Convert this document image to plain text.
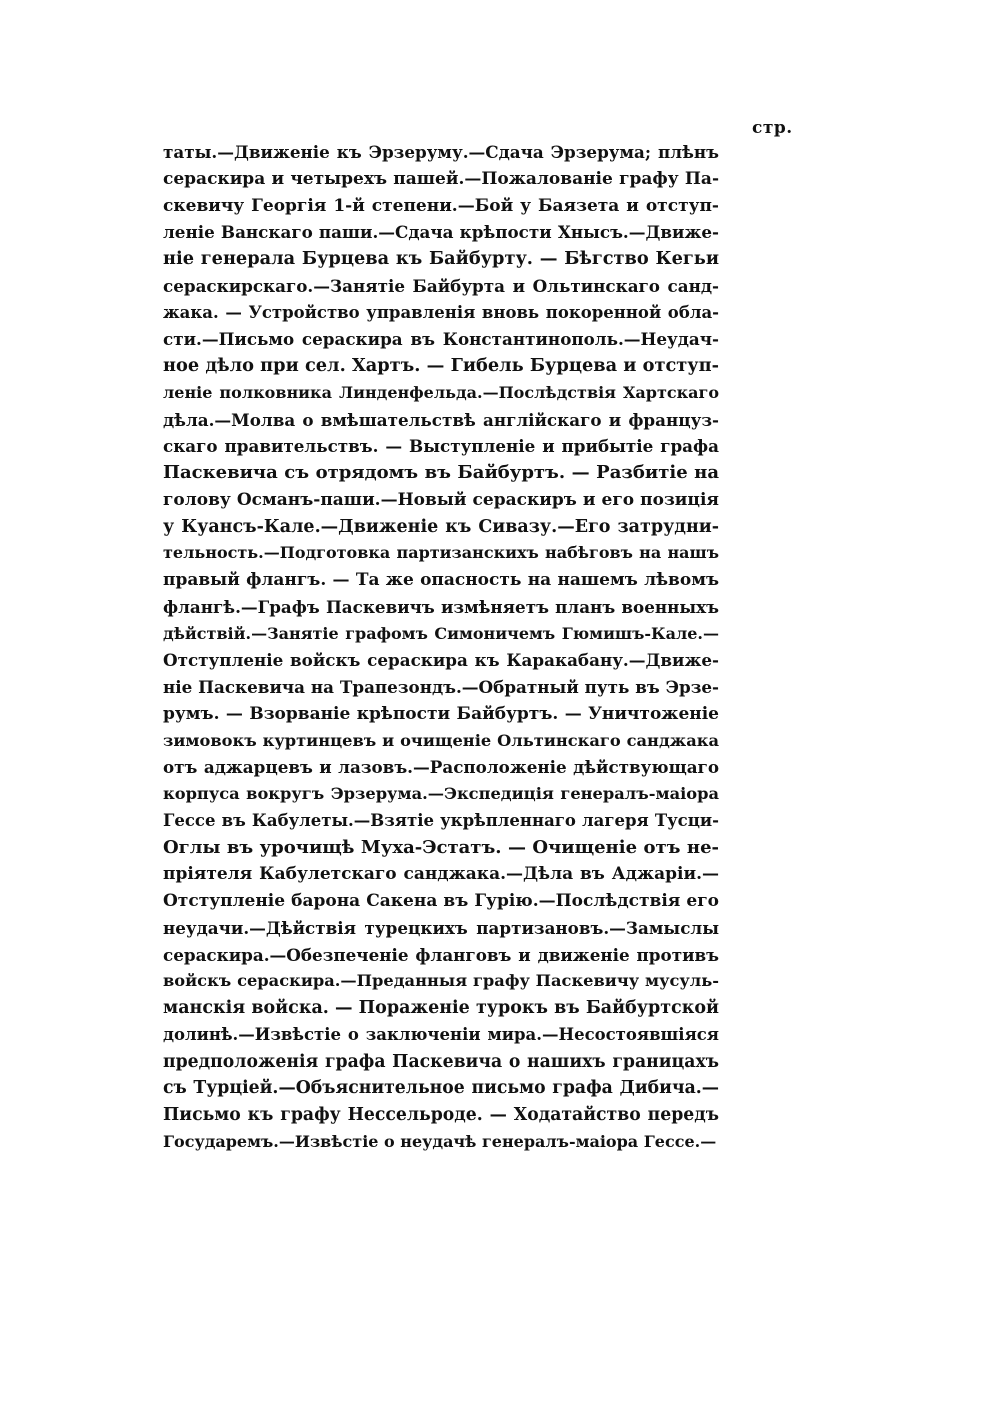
стр.
таты.—Движеніе къ Эрзеруму.—Сдача Эрзерума; плѣнъ
сераскира и четырехъ пашей.—Пожалованіе графу Па-
скевичу Георгія 1-й степени.—Бой у Баязета и отступ-
леніе Ванскаго паши.—Сдача крѣпости Хнысъ.—Движе-
ніе генерала Бурцева къ Байбурту. — Бѣгство Кегьи
сераскирскаго.—Занятіе Байбурта и Ольтинскаго санд-
жака. — Устройство управленія вновь покоренной обла-
сти.—Письмо сераскира въ Константинополь.—Неудач-
ное дѣло при сел. Хартъ. — Гибель Бурцева и отступ-
леніе полковника Линденфельда.—Послѣдствія Хартскаго
дѣла.—Молва о вмѣшательствѣ англійскаго и француз-
скаго правительствъ. — Выступленіе и прибытіе графа
Паскевича съ отрядомъ въ Байбуртъ. — Разбитіе на
голову Османъ-паши.—Новый сераскиръ и его позиція
у Куансъ-Кале.—Движеніе къ Сивазу.—Его затрудни-
тельность.—Подготовка партизанскихъ набѣговъ на нашъ
правый флангъ. — Та же опасность на нашемъ лѣвомъ
флангѣ.—Графъ Паскевичъ измѣняетъ планъ военныхъ
дѣйствій.—Занятіе графомъ Симоничемъ Гюмишъ-Кале.—
Отступленіе войскъ сераскира къ Каракабану.—Движе-
ніе Паскевича на Трапезондъ.—Обратный путь въ Эрзе-
румъ. — Взорваніе крѣпости Байбуртъ. — Уничтоженіе
зимовокъ куртинцевъ и очищеніе Ольтинскаго санджака
отъ аджарцевъ и лазовъ.—Расположеніе дѣйствующаго
корпуса вокругъ Эрзерума.—Экспедиція генералъ-маіора
Гессе въ Кабулеты.—Взятіе укрѣпленнаго лагеря Тусци-
Оглы въ урочищѣ Муха-Эстатъ. — Очищеніе отъ не-
пріятеля Кабулетскаго санджака.—Дѣла въ Аджаріи.—
Отступленіе барона Сакена въ Гурію.—Послѣдствія его
неудачи.—Дѣйствія турецкихъ партизановъ.—Замыслы
сераскира.—Обезпеченіе фланговъ и движеніе противъ
войскъ сераскира.—Преданныя графу Паскевичу мусуль-
манскія войска. — Пораженіе турокъ въ Байбуртской
долинѣ.—Извѣстіе о заключеніи мира.—Несостоявшіяся
предположенія графа Паскевича о нашихъ границахъ
съ Турціей.—Объяснительное письмо графа Дибича.—
Письмо къ графу Нессельроде. — Ходатайство передъ
Государемъ.—Извѣстіе о неудачѣ генералъ-маіора Гессе.—
